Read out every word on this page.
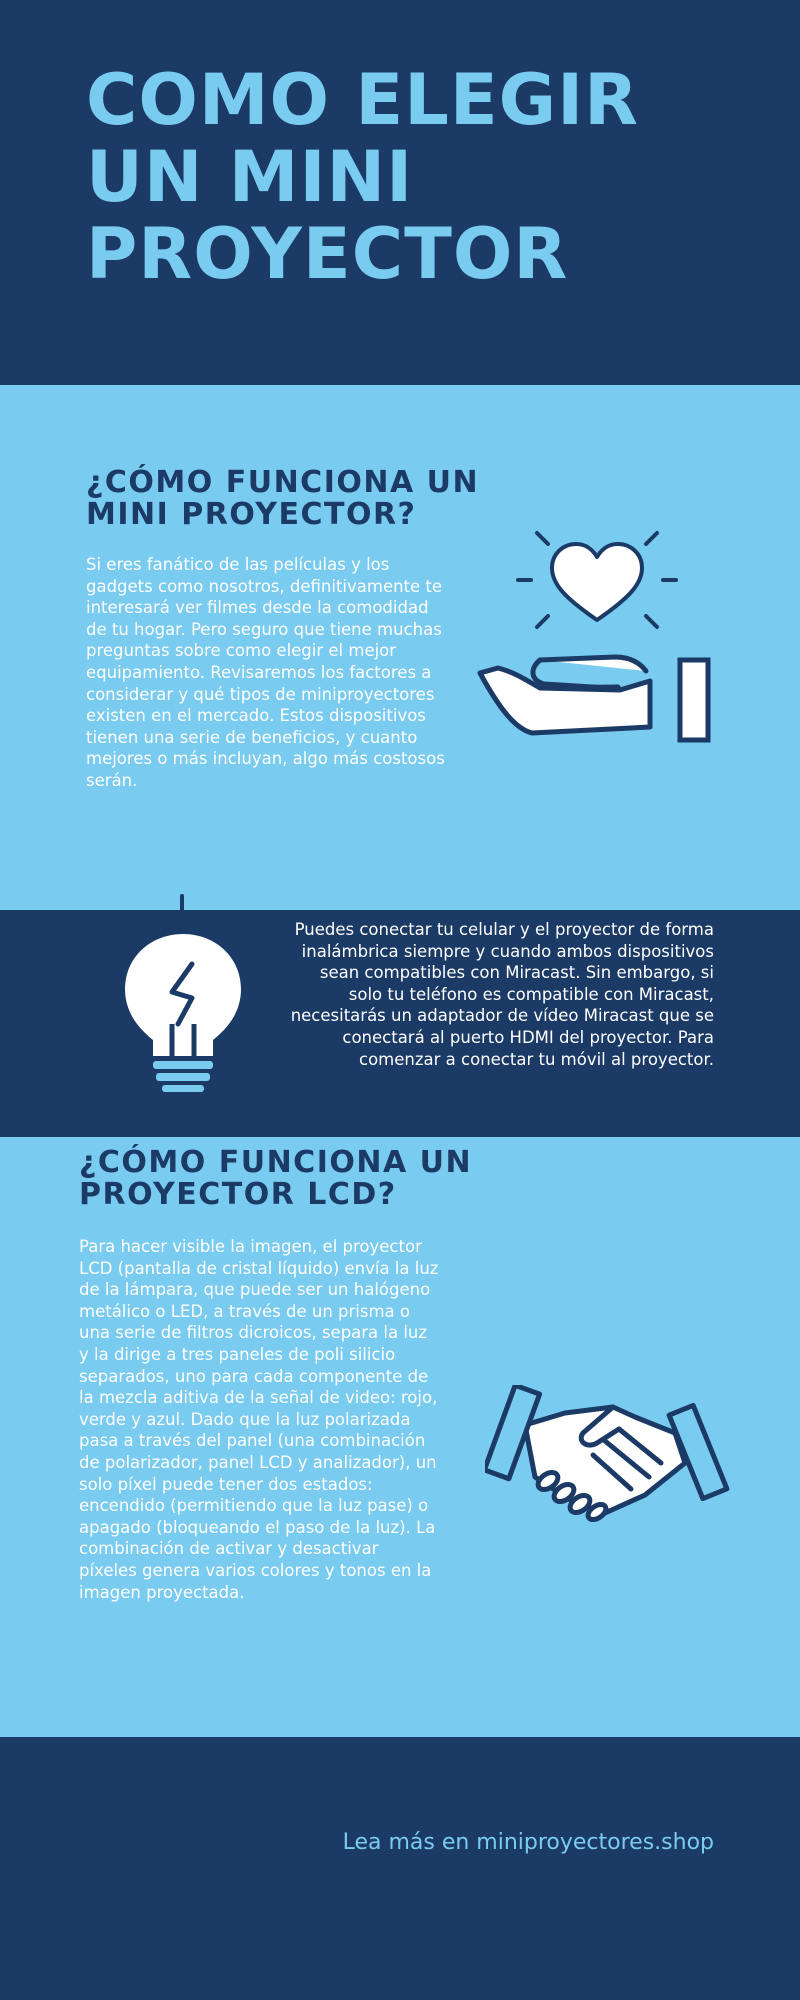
COMO ELEGIR UN MINI PROYECTOR
¿CÓMO FUNCIONA UN MINI PROYECTOR?

Si eres fanático de las películas y los gadgets como nosotros, definitivamente te interesará ver filmes desde la comodidad de tu hogar. Pero seguro que tiene muchas preguntas sobre como elegir el mejor equipamiento. Revisaremos los factores a considerar y qué tipos de miniproyectores existen en el mercado. Estos dispositivos tienen una serie de beneficios, y cuanto mejores o más incluyan, algo más costosos serán.

Puedes conectar tu celular y el proyector de forma inalámbrica siempre y cuando ambos dispositivos sean compatibles con Miracast. Sin embargo, si solo tu teléfono es compatible con Miracast, necesitarás un adaptador de vídeo Miracast que se conectará al puerto HDMI del proyector. Para comenzar a conectar tu móvil al proyector.

¿CÓMO FUNCIONA UN PROYECTOR LCD?

Para hacer visible la imagen, el proyector LCD (pantalla de cristal líquido) envía la luz de la lámpara, que puede ser un halógeno metálico o LED, a través de un prisma o una serie de filtros dicroicos, separa la luz y la dirige a tres paneles de poli silicio separados, uno para cada componente de la mezcla aditiva de la señal de video: rojo, verde y azul. Dado que la luz polarizada pasa a través del panel (una combinación de polarizador, panel LCD y analizador), un solo píxel puede tener dos estados: encendido (permitiendo que la luz pase) o apagado (bloqueando el paso de la luz). La combinación de activar y desactivar píxeles genera varios colores y tonos en la imagen proyectada.

Lea más en miniproyectores.shop
